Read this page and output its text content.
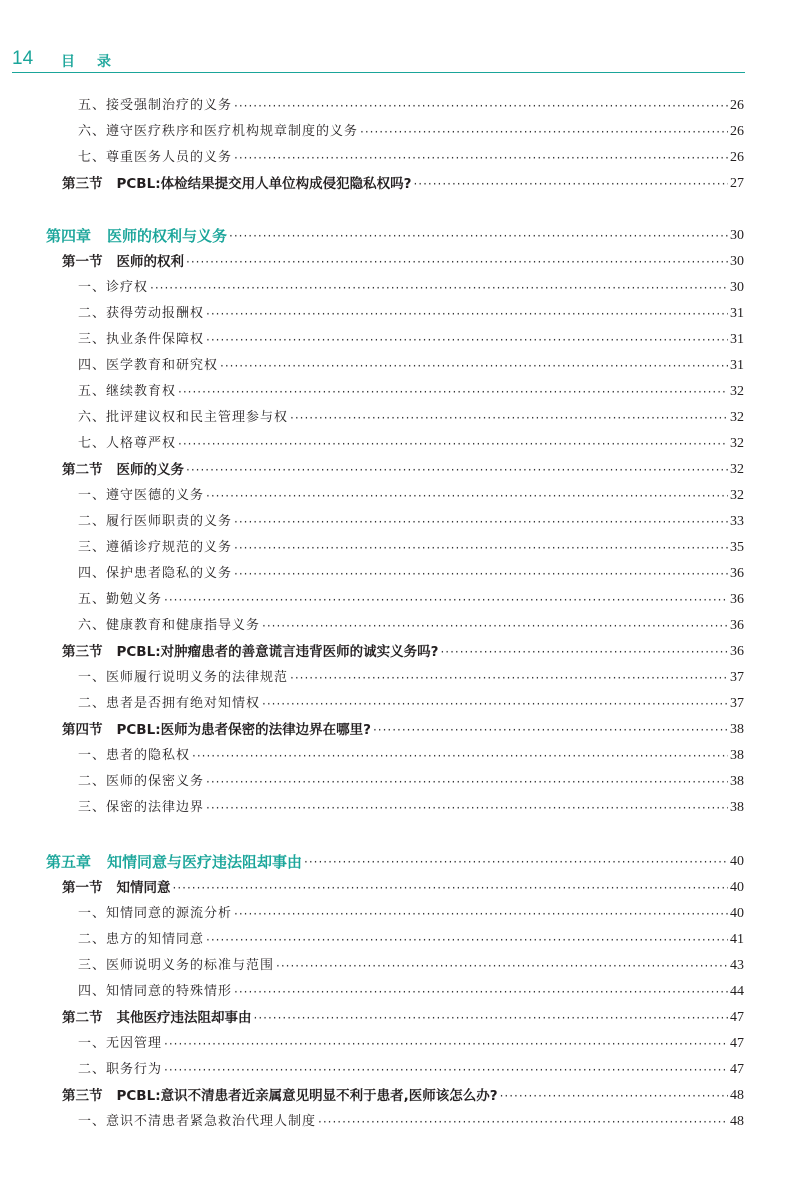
14 目 录
五、接受强制治疗的义务 ·····	26
六、遵守医疗秩序和医疗机构规章制度的义务 ·····	26
七、尊重医务人员的义务 ·····	26
第三节 PCBL:体检结果提交用人单位构成侵犯隐私权吗? ·····	27
第四章 医师的权利与义务 ·····	30
第一节 医师的权利 ·····	30
一、诊疗权 ·····	30
二、获得劳动报酬权 ·····	31
三、执业条件保障权 ·····	31
四、医学教育和研究权 ·····	31
五、继续教育权 ·····	32
六、批评建议权和民主管理参与权 ·····	32
七、人格尊严权 ·····	32
第二节 医师的义务 ·····	32
一、遵守医德的义务 ·····	32
二、履行医师职责的义务 ·····	33
三、遵循诊疗规范的义务 ·····	35
四、保护患者隐私的义务 ·····	36
五、勤勉义务 ·····	36
六、健康教育和健康指导义务 ·····	36
第三节 PCBL:对肿瘤患者的善意谎言违背医师的诚实义务吗? ·····	36
一、医师履行说明义务的法律规范 ·····	37
二、患者是否拥有绝对知情权 ·····	37
第四节 PCBL:医师为患者保密的法律边界在哪里? ·····	38
一、患者的隐私权 ·····	38
二、医师的保密义务 ·····	38
三、保密的法律边界 ·····	38
第五章 知情同意与医疗违法阻却事由 ·····	40
第一节 知情同意 ·····	40
一、知情同意的源流分析 ·····	40
二、患方的知情同意 ·····	41
三、医师说明义务的标准与范围 ·····	43
四、知情同意的特殊情形 ·····	44
第二节 其他医疗违法阻却事由 ·····	47
一、无因管理 ·····	47
二、职务行为 ·····	47
第三节 PCBL:意识不清患者近亲属意见明显不利于患者,医师该怎么办? ·····	48
一、意识不清患者紧急救治代理人制度 ·····	48
